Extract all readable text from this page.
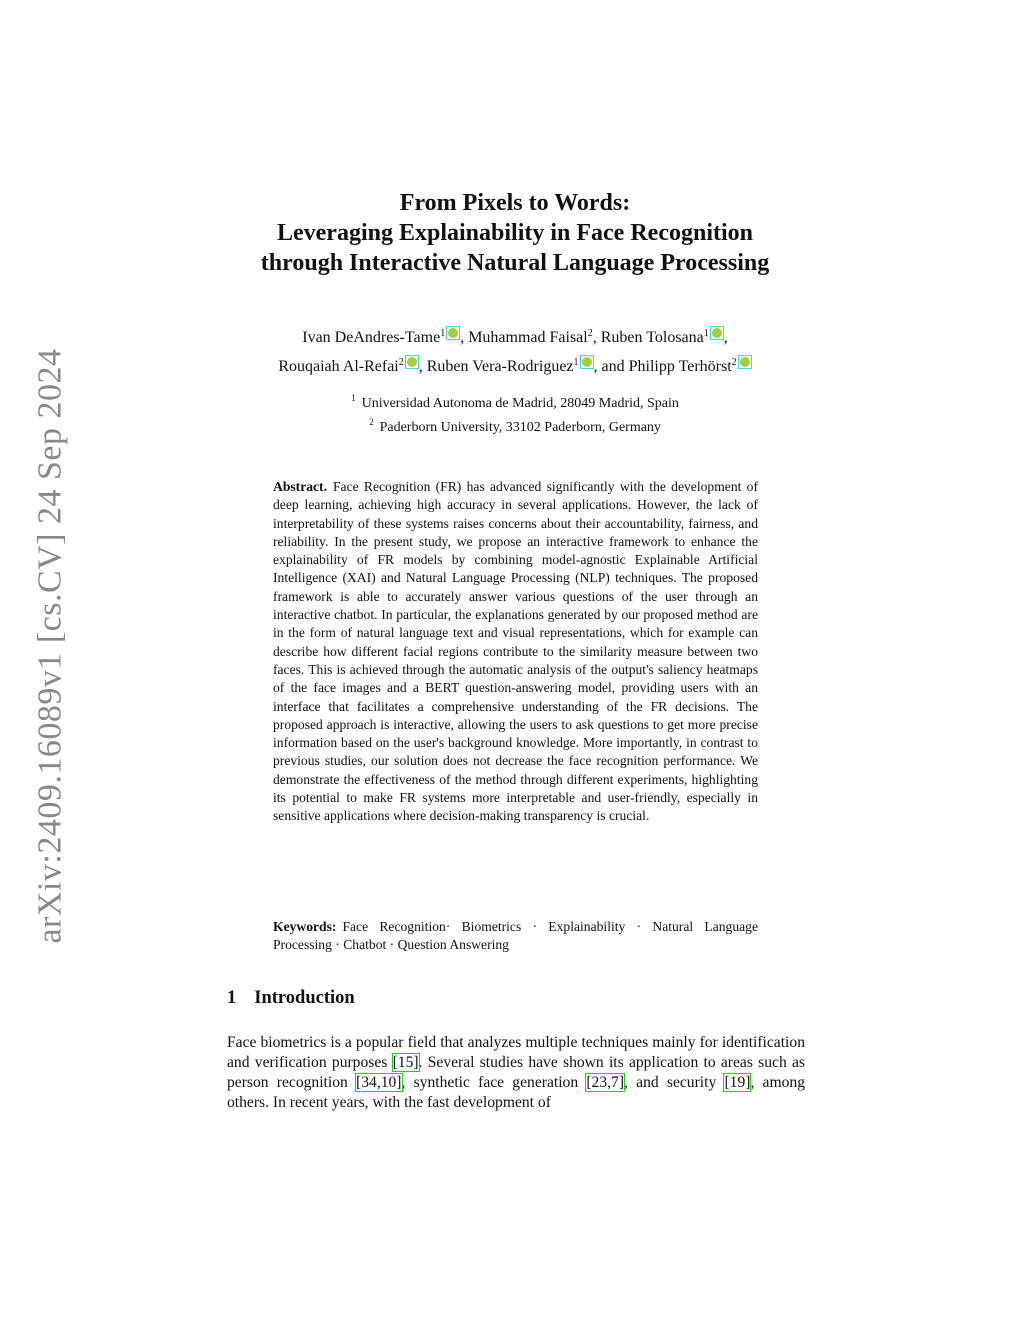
arXiv:2409.16089v1 [cs.CV] 24 Sep 2024
From Pixels to Words:
Leveraging Explainability in Face Recognition
through Interactive Natural Language Processing
Ivan DeAndres-Tame$^1$ , Muhammad Faisal$^2$, Ruben Tolosana$^1$ ,
Rouqaiah Al-Refai$^2$ , Ruben Vera-Rodriguez$^1$ , and Philipp Terhörst$^2$
$^1$ Universidad Autonoma de Madrid, 28049 Madrid, Spain
$^2$ Paderborn University, 33102 Paderborn, Germany
Abstract. Face Recognition (FR) has advanced significantly with the development of deep learning, achieving high accuracy in several applications. However, the lack of interpretability of these systems raises concerns about their accountability, fairness, and reliability. In the present study, we propose an interactive framework to enhance the explainability of FR models by combining model-agnostic Explainable Artificial Intelligence (XAI) and Natural Language Processing (NLP) techniques. The proposed framework is able to accurately answer various questions of the user through an interactive chatbot. In particular, the explanations generated by our proposed method are in the form of natural language text and visual representations, which for example can describe how different facial regions contribute to the similarity measure between two faces. This is achieved through the automatic analysis of the output's saliency heatmaps of the face images and a BERT question-answering model, providing users with an interface that facilitates a comprehensive understanding of the FR decisions. The proposed approach is interactive, allowing the users to ask questions to get more precise information based on the user's background knowledge. More importantly, in contrast to previous studies, our solution does not decrease the face recognition performance. We demonstrate the effectiveness of the method through different experiments, highlighting its potential to make FR systems more interpretable and user-friendly, especially in sensitive applications where decision-making transparency is crucial.
Keywords: Face Recognition· Biometrics · Explainability · Natural Language Processing · Chatbot · Question Answering
1 Introduction
Face biometrics is a popular field that analyzes multiple techniques mainly for identification and verification purposes [15]. Several studies have shown its application to areas such as person recognition [34,10], synthetic face generation [23,7], and security [19], among others. In recent years, with the fast development of
